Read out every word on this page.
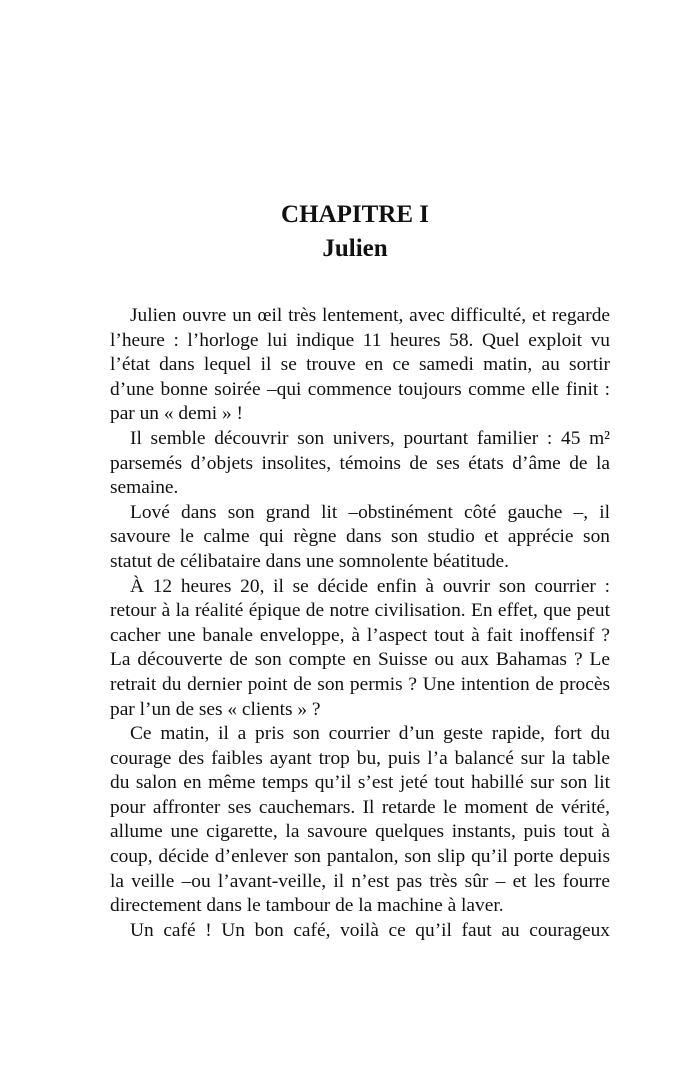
CHAPITRE I
Julien

Julien ouvre un œil très lentement, avec difficulté, et regarde l’heure : l’horloge lui indique 11 heures 58. Quel exploit vu l’état dans lequel il se trouve en ce samedi matin, au sortir d’une bonne soirée –qui commence toujours comme elle finit : par un « demi » !

Il semble découvrir son univers, pourtant familier : 45 m² parsemés d’objets insolites, témoins de ses états d’âme de la semaine.

Lové dans son grand lit –obstinément côté gauche –, il savoure le calme qui règne dans son studio et apprécie son statut de célibataire dans une somnolente béatitude.

À 12 heures 20, il se décide enfin à ouvrir son courrier : retour à la réalité épique de notre civilisation. En effet, que peut cacher une banale enveloppe, à l’aspect tout à fait inoffensif ? La découverte de son compte en Suisse ou aux Bahamas ? Le retrait du dernier point de son permis ? Une intention de procès par l’un de ses « clients » ?

Ce matin, il a pris son courrier d’un geste rapide, fort du courage des faibles ayant trop bu, puis l’a balancé sur la table du salon en même temps qu’il s’est jeté tout habillé sur son lit pour affronter ses cauchemars. Il retarde le moment de vérité, allume une cigarette, la savoure quelques instants, puis tout à coup, décide d’enlever son pantalon, son slip qu’il porte depuis la veille –ou l’avant-veille, il n’est pas très sûr – et les fourre directement dans le tambour de la machine à laver.

Un café ! Un bon café, voilà ce qu’il faut au courageux
